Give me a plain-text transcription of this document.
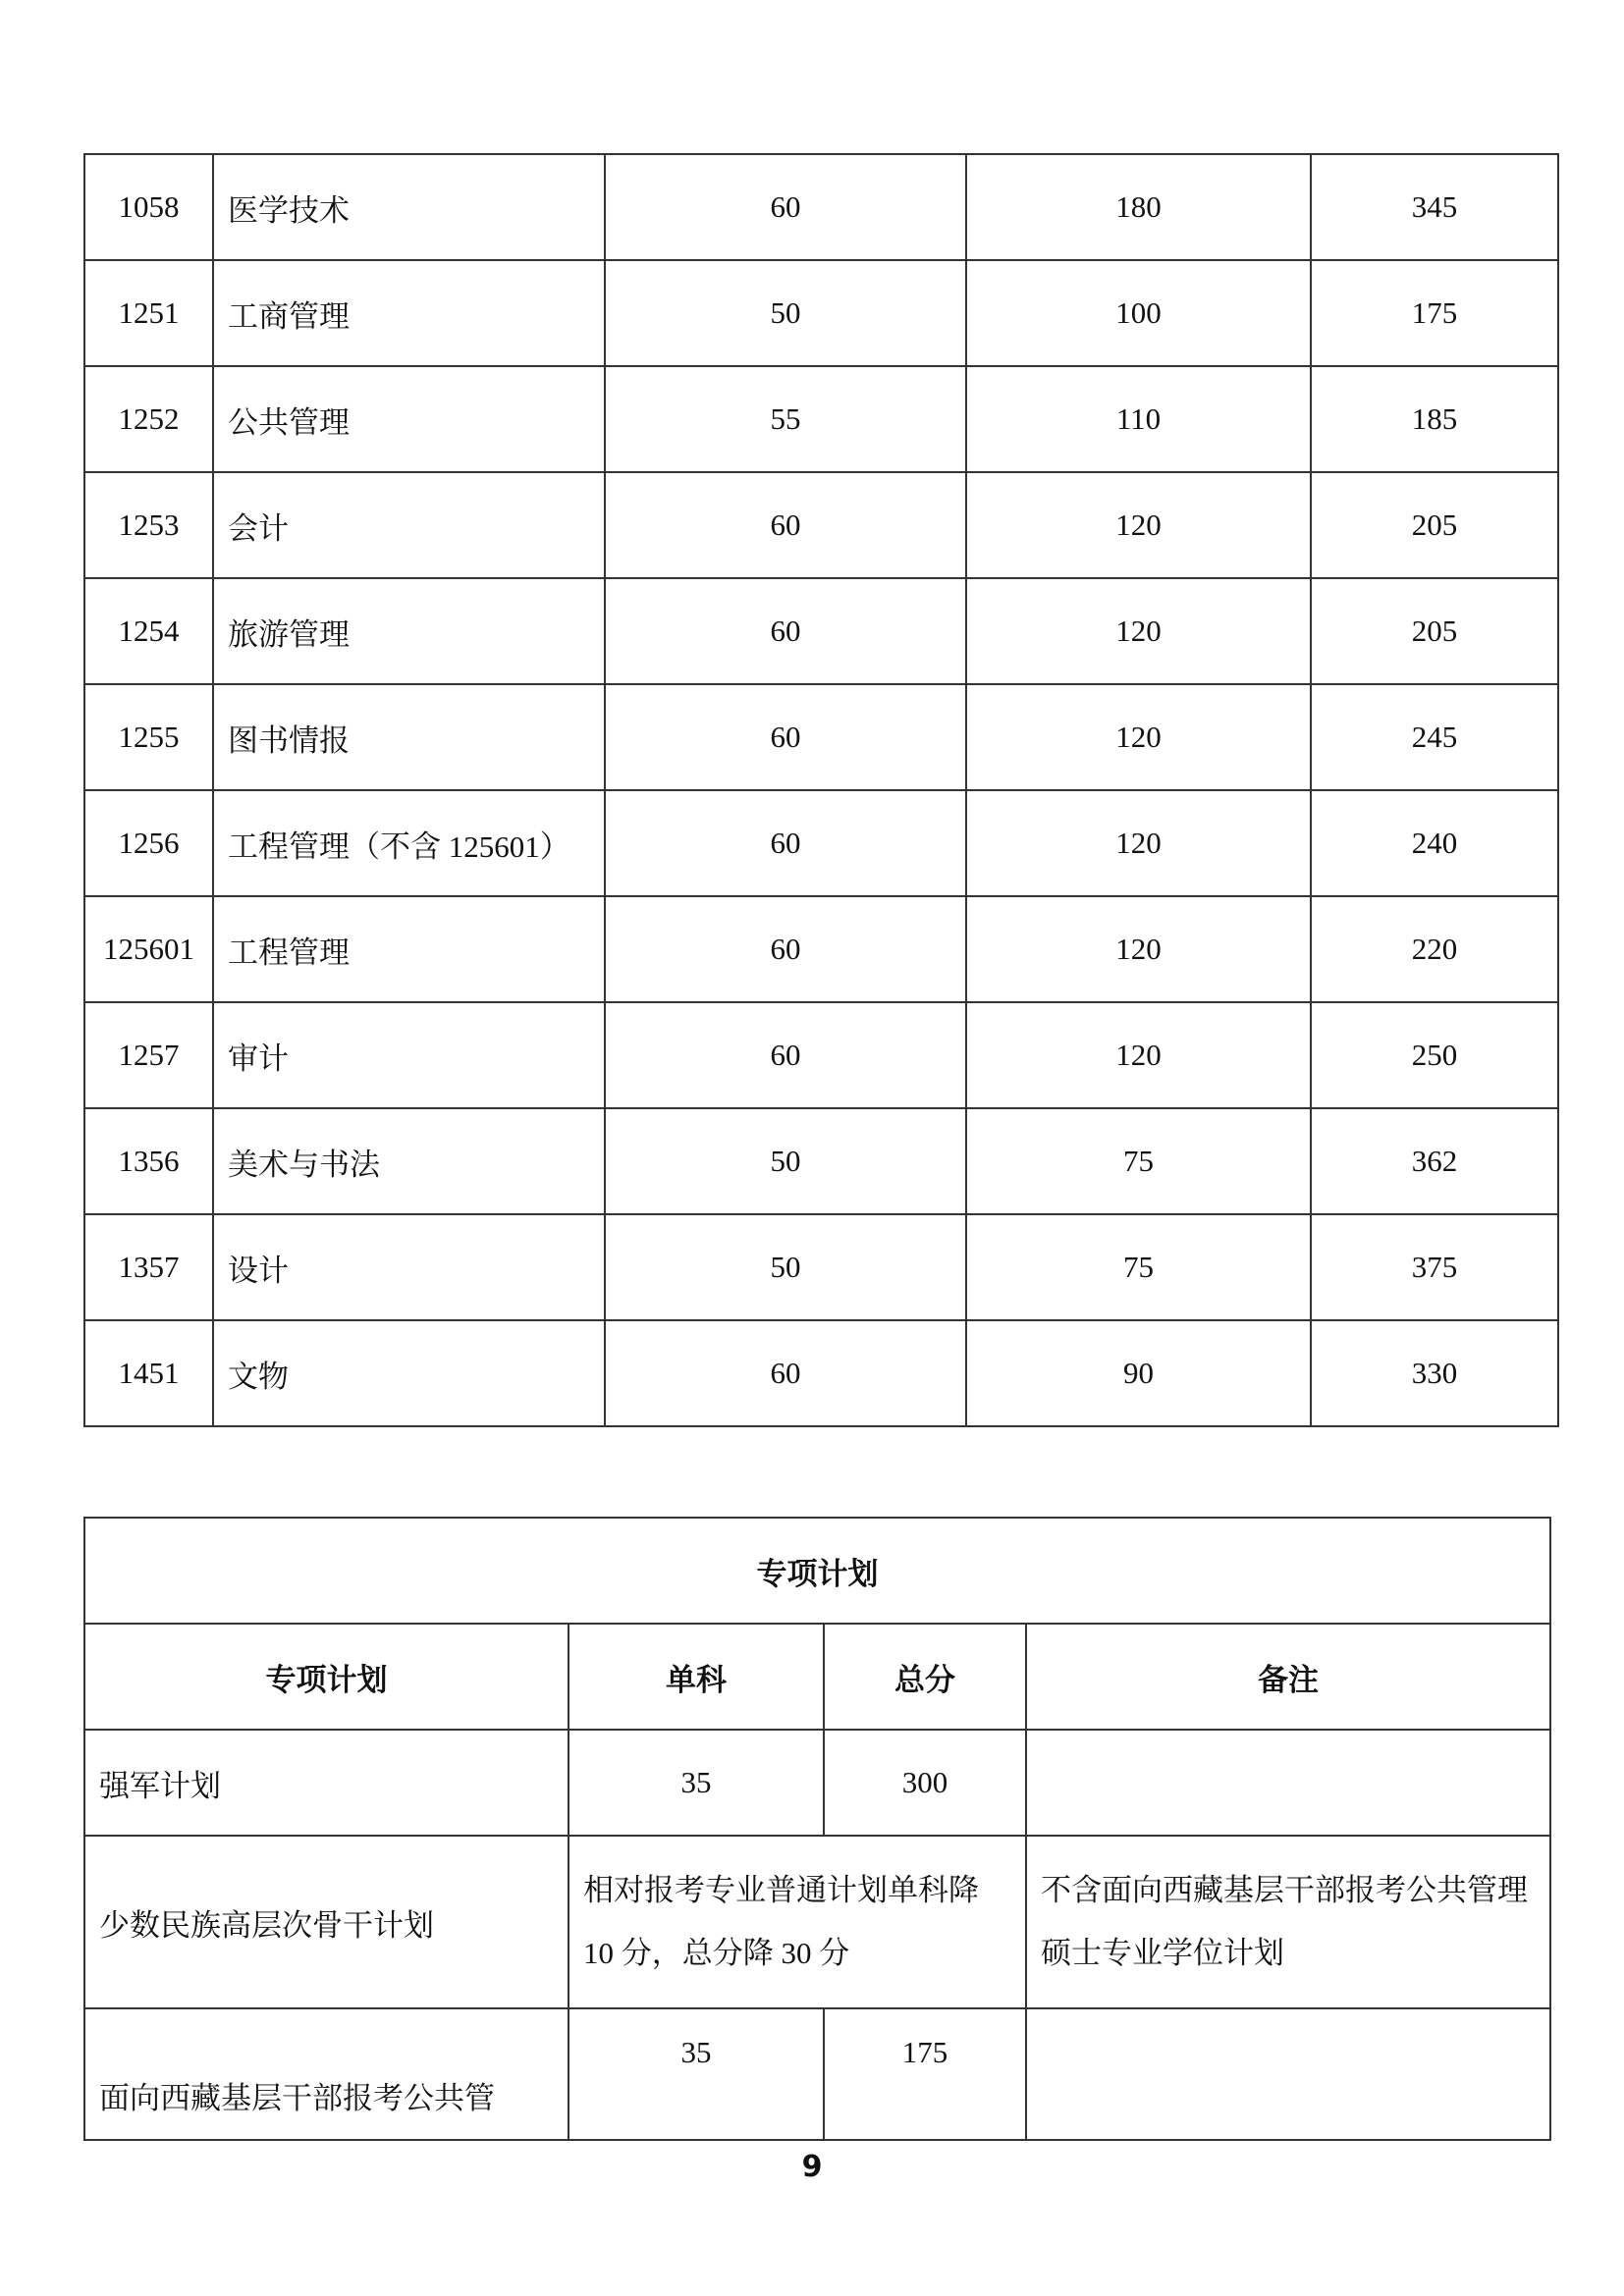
1058	医学技术	60	180	345
1251	工商管理	50	100	175
1252	公共管理	55	110	185
1253	会计	60	120	205
1254	旅游管理	60	120	205
1255	图书情报	60	120	245
1256	工程管理（不含 125601）	60	120	240
125601	工程管理	60	120	220
1257	审计	60	120	250
1356	美术与书法	50	75	362
1357	设计	50	75	375
1451	文物	60	90	330
专项计划			
专项计划	单科	总分	备注
强军计划	35	300	
少数民族高层次骨干计划	相对报考专业普通计划单科降 10 分，总分降 30 分		不含面向西藏基层干部报考公共管理硕士专业学位计划
面向西藏基层干部报考公共管	35	175	
9
